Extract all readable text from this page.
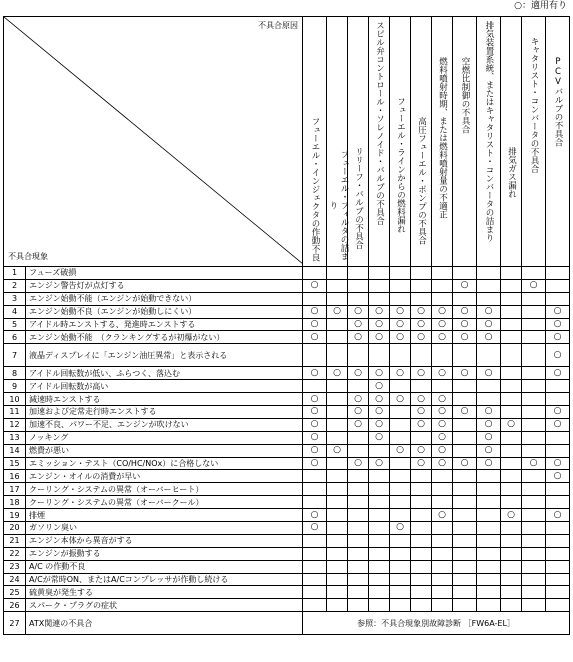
○：適用有り
不具合原因
不具合現象		フューエル・インジェクタの作動不良	フューエル・フィルタの詰まり	リリーフ・バルブの不具合	スピル弁コントロール・ソレノイド・バルブの不具合	フューエル・ラインからの燃料漏れ	高圧フューエル・ポンプの不具合	燃料噴射時期、または燃料噴射量の不適正	空燃比制御の不具合	排気装置系統、またはキャタリスト・コンバータの詰まり	排気ガス漏れ	キャタリスト・コンバータの不具合	PCVバルブの不具合
1	フューズ破損												
2	エンジン警告灯が点灯する	○							○			○	
3	エンジン始動不能（エンジンが始動できない）												
4	エンジン始動不良（エンジンが始動しにくい）	○	○	○	○	○	○	○	○	○			○
5	アイドル時エンストする、発進時エンストする	○		○	○	○	○	○	○	○			○
6	エンジン始動不能　（クランキングするが初爆がない）	○		○	○	○	○	○	○	○			○
7	液晶ディスプレイに「エンジン油圧異常」と表示される												○
8	アイドル回転数が低い、ふらつく、落込む	○	○	○	○	○	○	○	○	○			○
9	アイドル回転数が高い				○								
10	減速時エンストする	○		○	○	○	○	○					
11	加速および定常走行時エンストする	○		○	○		○	○	○	○			○
12	加速不良、パワー不足、エンジンが吹けない	○		○	○		○	○		○	○		○
13	ノッキング	○			○			○		○			
14	燃費が悪い	○	○			○	○	○		○			
15	エミッション・テスト（CO/HC/NOx）に合格しない	○		○	○		○	○	○	○		○	○
16	エンジン・オイルの消費が早い												○
17	クーリング・システムの異常（オーバーヒート）												
18	クーリング・システムの異常（オーバークール）												
19	排煙	○						○			○		○
20	ガソリン臭い	○				○							
21	エンジン本体から異音がする												
22	エンジンが振動する												
23	A/C の作動不良												
24	A/Cが常時ON、またはA/Cコンプレッサが作動し続ける												
25	硫黄臭が発生する												
26	スパーク・プラグの症状												
27	ATX関連の不具合	参照：不具合現象別故障診断 ［FW6A-EL］											
